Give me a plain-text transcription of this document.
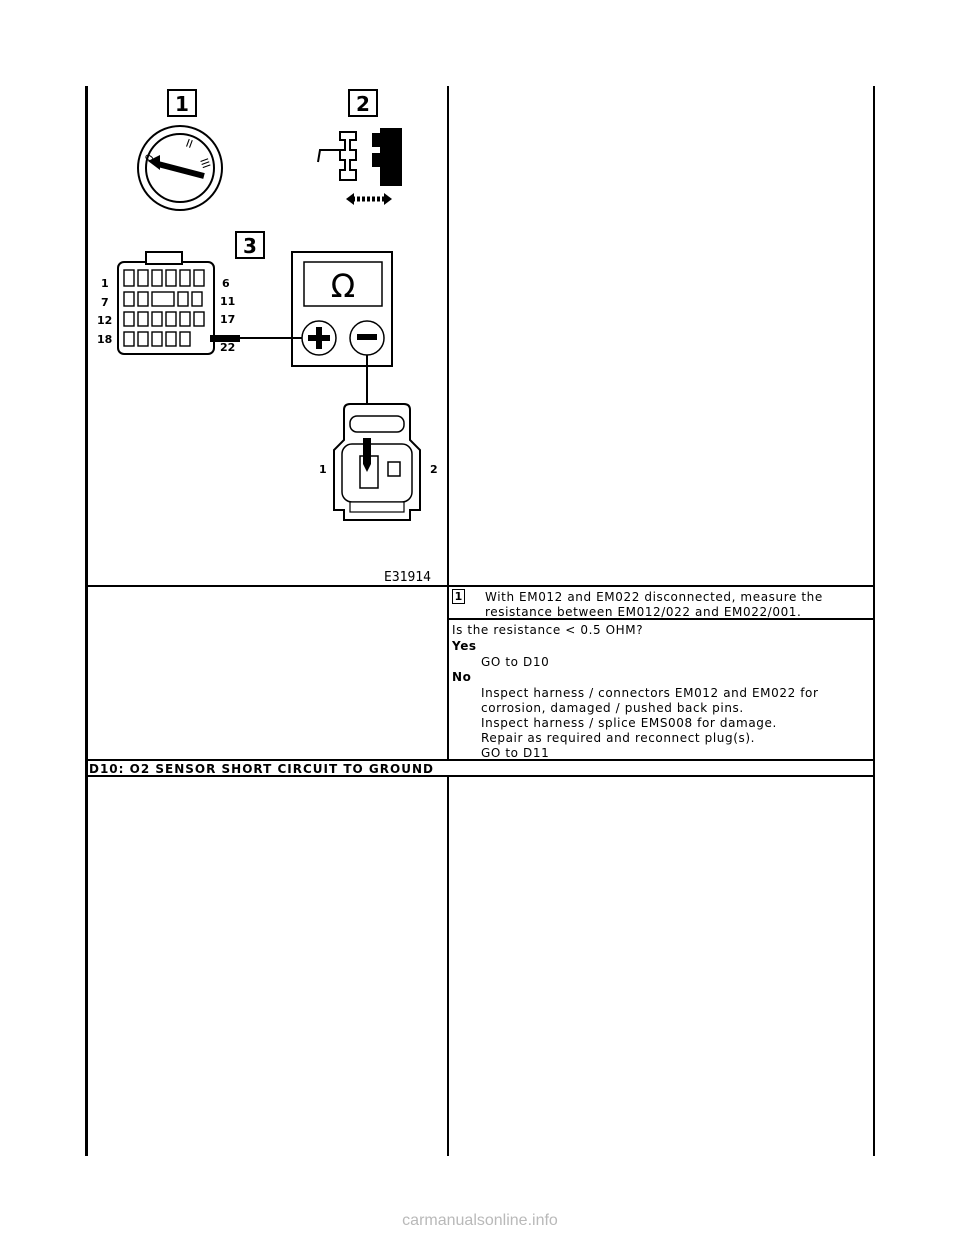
1	2
3
0
II
III
1
7
12
18
6
11
17
22
Ω
1	2
E31914
1 With EM012 and EM022 disconnected, measure the
resistance between EM012/022 and EM022/001.
Is the resistance < 0.5 OHM?
Yes
GO to D10
No
Inspect harness / connectors EM012 and EM022 for
corrosion, damaged / pushed back pins.
Inspect harness / splice EMS008 for damage.
Repair as required and reconnect plug(s).
GO to D11
D10: O2 SENSOR SHORT CIRCUIT TO GROUND
carmanualsonline.info
